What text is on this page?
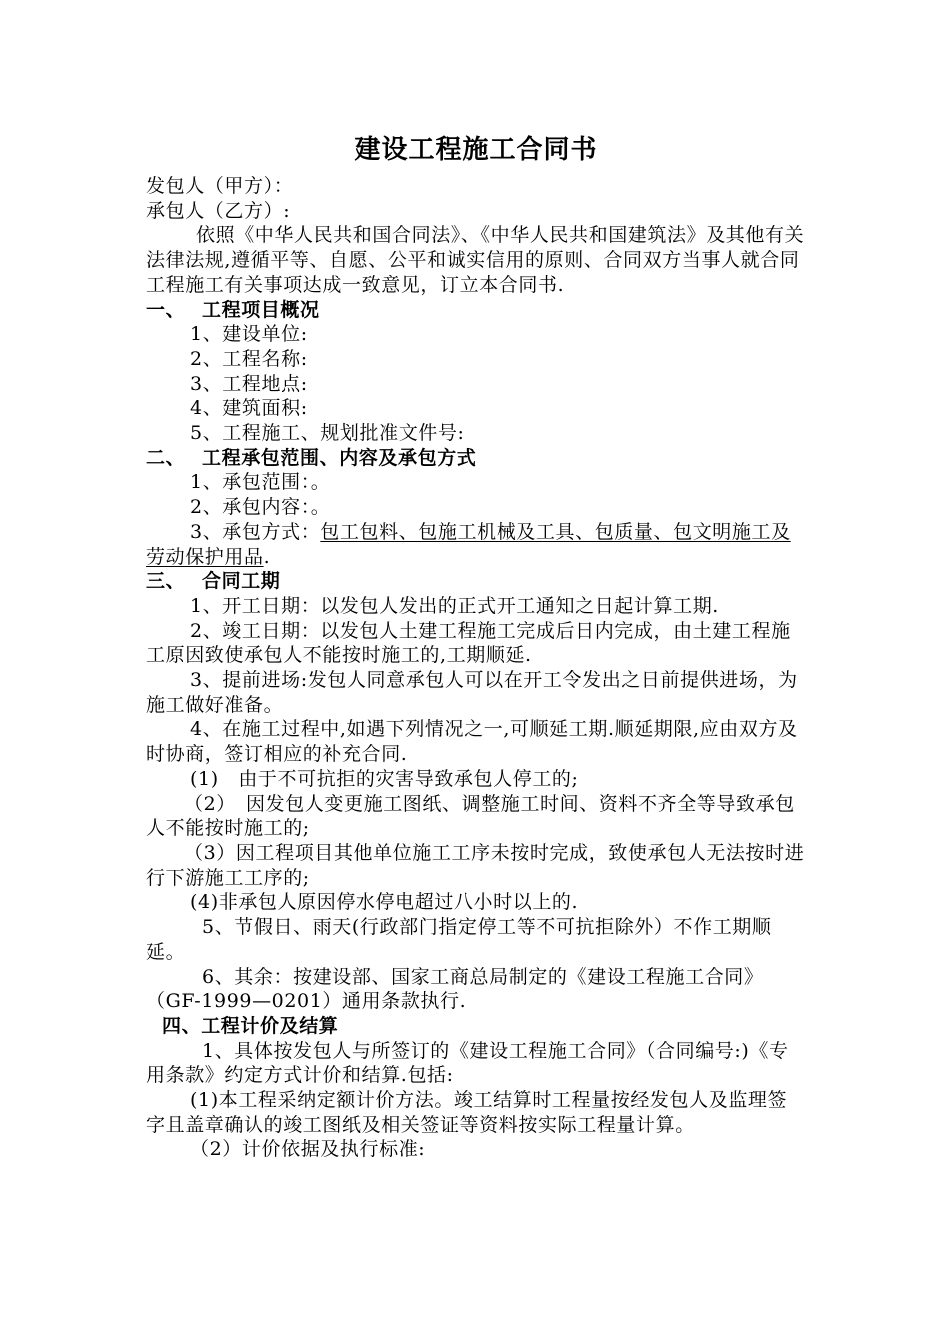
建设工程施工合同书

发包人（甲方）：

承包人（乙方）:

依照《中华人民共和国合同法》、《中华人民共和国建筑法》及其他有关法律法规,遵循平等、自愿、公平和诚实信用的原则、合同双方当事人就合同工程施工有关事项达成一致意见，订立本合同书.

一、 工程项目概况

1、建设单位:

2、工程名称:

3、工程地点:

4、建筑面积:

5、工程施工、规划批准文件号:

二、 工程承包范围、内容及承包方式

1、承包范围：。

2、承包内容：。

3、承包方式：包工包料、包施工机械及工具、包质量、包文明施工及劳动保护用品.

三、 合同工期

1、开工日期：以发包人发出的正式开工通知之日起计算工期.

2、竣工日期：以发包人土建工程施工完成后日内完成，由土建工程施工原因致使承包人不能按时施工的,工期顺延.

3、提前进场:发包人同意承包人可以在开工令发出之日前提供进场，为施工做好准备。

4、在施工过程中,如遇下列情况之一,可顺延工期.顺延期限,应由双方及时协商，签订相应的补充合同.

(1)　由于不可抗拒的灾害导致承包人停工的;

（2）　因发包人变更施工图纸、调整施工时间、资料不齐全等导致承包人不能按时施工的;

（3）因工程项目其他单位施工工序未按时完成，致使承包人无法按时进行下游施工工序的;

(4)非承包人原因停水停电超过八小时以上的.

5、节假日、雨天(行政部门指定停工等不可抗拒除外）不作工期顺延。

6、其余：按建设部、国家工商总局制定的《建设工程施工合同》（GF-1999—0201）通用条款执行.

四、工程计价及结算

1、具体按发包人与所签订的《建设工程施工合同》（合同编号:)《专用条款》约定方式计价和结算.包括:

(1)本工程采纳定额计价方法。竣工结算时工程量按经发包人及监理签字且盖章确认的竣工图纸及相关签证等资料按实际工程量计算。

（2）计价依据及执行标准:
